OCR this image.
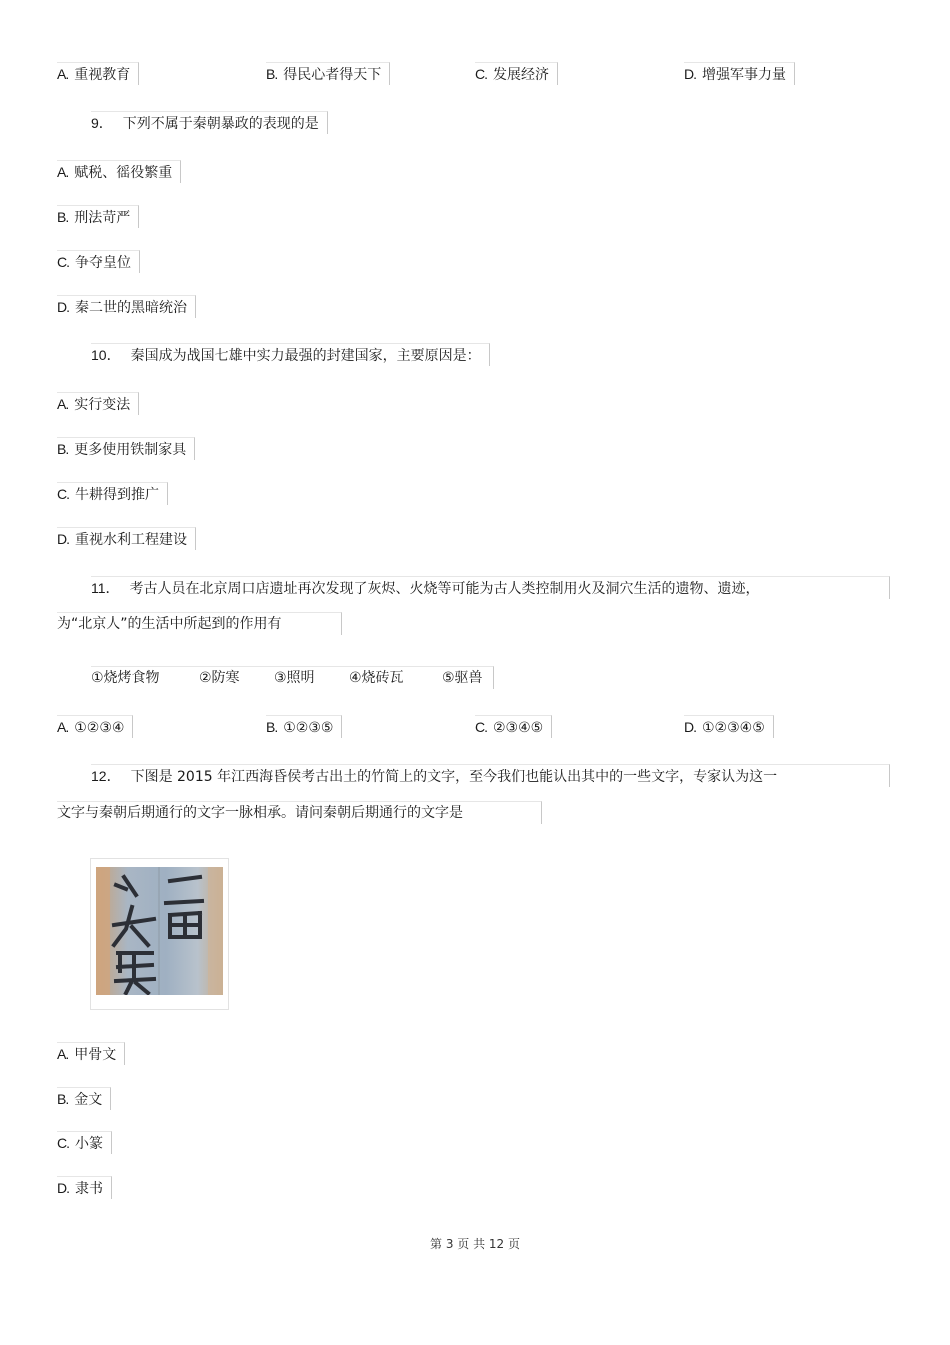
A. 重视教育	B. 得民心者得天下	C. 发展经济	D. 增强军事力量
9． 下列不属于秦朝暴政的表现的是
A. 赋税、徭役繁重
B. 刑法苛严
C. 争夺皇位
D. 秦二世的黑暗统治
10． 秦国成为战国七雄中实力最强的封建国家，主要原因是：
A. 实行变法
B. 更多使用铁制家具
C. 牛耕得到推广
D. 重视水利工程建设
11． 考古人员在北京周口店遗址再次发现了灰烬、火烧等可能为古人类控制用火及洞穴生活的遗物、遗迹，
为“北京人”的生活中所起到的作用有
①烧烤食物	②防寒 ③照明 ④烧砖瓦	⑤驱兽
A. ①②③④	B. ①②③⑤	C. ②③④⑤	D. ①②③④⑤
12． 下图是 2015 年江西海昏侯考古出土的竹简上的文字，至今我们也能认出其中的一些文字，专家认为这一
文字与秦朝后期通行的文字一脉相承。请问秦朝后期通行的文字是
A. 甲骨文
B. 金文
C. 小篆
D. 隶书
第 3 页 共 12 页
